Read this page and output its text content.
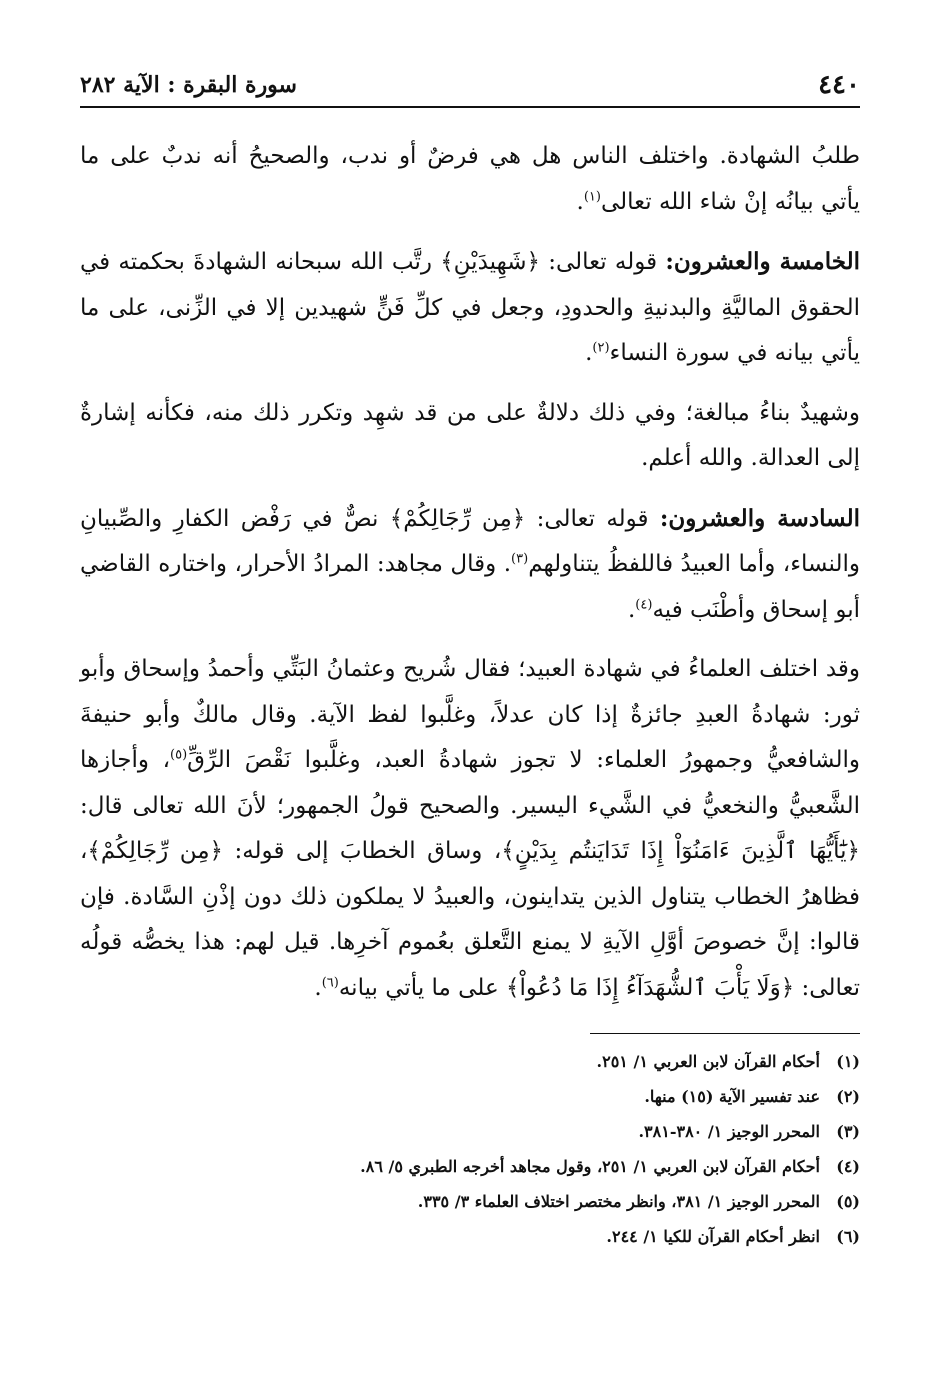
٤٤٠
سورة البقرة : الآية ٢٨٢

طلبُ الشهادة. واختلف الناس هل هي فرضٌ أو ندب، والصحيحُ أنه ندبٌ على ما يأتي بيانُه إنْ شاء الله تعالى$^{(١)}$.

الخامسة والعشرون: قوله تعالى: ﴿شَهِيدَيْنِ﴾ رتَّب الله سبحانه الشهادةَ بحكمته في الحقوق الماليَّةِ والبدنيةِ والحدودِ، وجعل في كلِّ فَنٍّ شهيدين إلا في الزِّنى، على ما يأتي بيانه في سورة النساء$^{(٢)}$.

وشهيدٌ بناءُ مبالغة؛ وفي ذلك دلالةٌ على من قد شهِد وتكرر ذلك منه، فكأنه إشارةٌ إلى العدالة. والله أعلم.

السادسة والعشرون: قوله تعالى: ﴿مِن رِّجَالِكُمْ﴾ نصٌّ في رَفْض الكفارِ والصِّبيانِ والنساء، وأما العبيدُ فاللفظُ يتناولهم$^{(٣)}$. وقال مجاهد: المرادُ الأحرار، واختاره القاضي أبو إسحاق وأطْنَب فيه$^{(٤)}$.

وقد اختلف العلماءُ في شهادة العبيد؛ فقال شُريح وعثمانُ البَتِّي وأحمدُ وإسحاق وأبو ثور: شهادةُ العبدِ جائزةٌ إذا كان عدلاً، وغلَّبوا لفظ الآية. وقال مالكٌ وأبو حنيفةَ والشافعيُّ وجمهورُ العلماء: لا تجوز شهادةُ العبد، وغلَّبوا نَقْصَ الرِّقِّ$^{(٥)}$، وأجازها الشَّعبيُّ والنخعيُّ في الشَّيء اليسير. والصحيح قولُ الجمهور؛ لأنَ الله تعالى قال: ﴿يَٰٓأَيُّهَا ٱلَّذِينَ ءَامَنُوٓاْ إِذَا تَدَايَنتُم بِدَيْنٍ﴾، وساق الخطابَ إلى قوله: ﴿مِن رِّجَالِكُمْ﴾، فظاهرُ الخطاب يتناول الذين يتداينون، والعبيدُ لا يملكون ذلك دون إذْنِ السَّادة. فإن قالوا: إنَّ خصوصَ أوَّلِ الآيةِ لا يمنع التَّعلق بعُموم آخرِها. قيل لهم: هذا يخصُّه قولُه تعالى: ﴿وَلَا يَأْبَ ٱلشُّهَدَآءُ إِذَا مَا دُعُواْ﴾ على ما يأتي بيانه$^{(٦)}$.

(١)
أحكام القرآن لابن العربي ١/ ٢٥١.
(٢)
عند تفسير الآية (١٥) منها.
(٣)
المحرر الوجيز ١/ ٣٨٠-٣٨١.
(٤)
أحكام القرآن لابن العربي ١/ ٢٥١، وقول مجاهد أخرجه الطبري ٥/ ٨٦.
(٥)
المحرر الوجيز ١/ ٣٨١، وانظر مختصر اختلاف العلماء ٣/ ٣٣٥.
(٦)
انظر أحكام القرآن للكيا ١/ ٢٤٤.
